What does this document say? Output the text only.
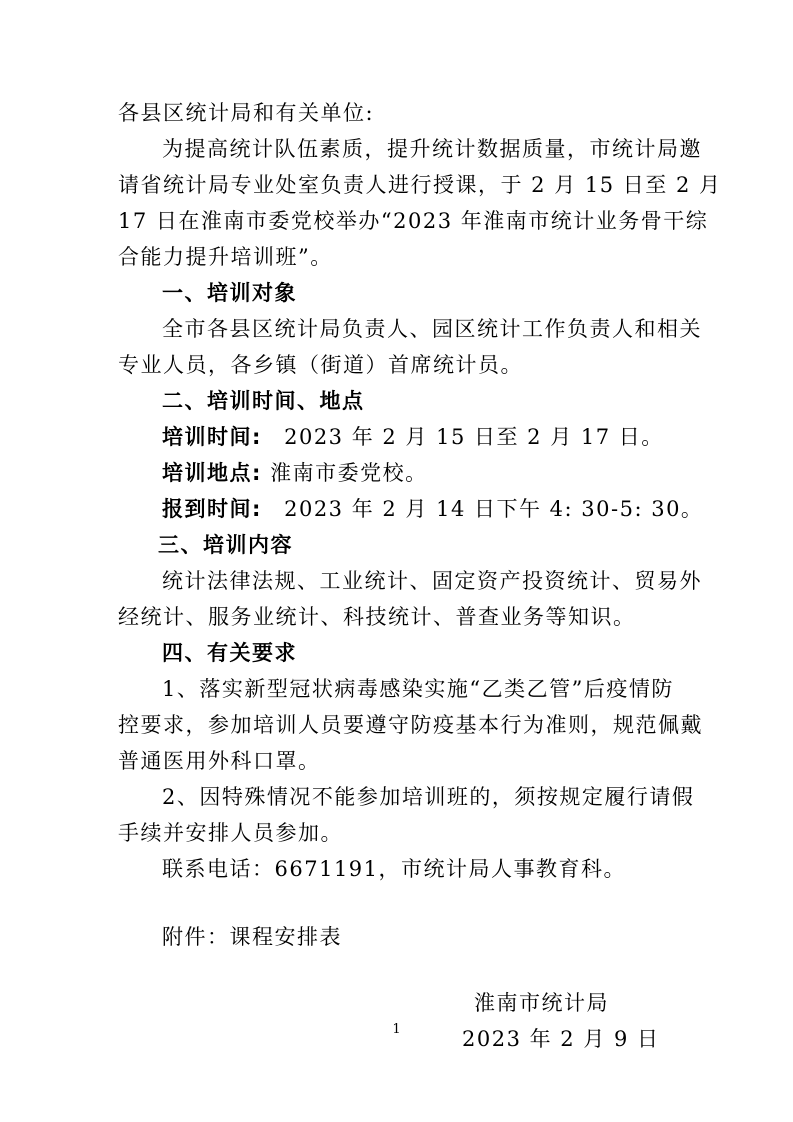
各县区统计局和有关单位:
为提高统计队伍素质，提升统计数据质量，市统计局邀
请省统计局专业处室负责人进行授课，于 2 月 15 日至 2 月
17 日在淮南市委党校举办“2023 年淮南市统计业务骨干综
合能力提升培训班”。
一、培训对象
全市各县区统计局负责人、园区统计工作负责人和相关
专业人员，各乡镇（街道）首席统计员。
二、培训时间、地点
培训时间: 2023 年 2 月 15 日至 2 月 17 日。
培训地点: 淮南市委党校。
报到时间: 2023 年 2 月 14 日下午 4: 30-5: 30。
三、培训内容
统计法律法规、工业统计、固定资产投资统计、贸易外
经统计、服务业统计、科技统计、普查业务等知识。
四、有关要求
1、落实新型冠状病毒感染实施“乙类乙管”后疫情防
控要求，参加培训人员要遵守防疫基本行为准则，规范佩戴
普通医用外科口罩。
2、因特殊情况不能参加培训班的，须按规定履行请假
手续并安排人员参加。
联系电话：6671191，市统计局人事教育科。
附件：课程安排表
淮南市统计局
2023 年 2 月 9 日
1
